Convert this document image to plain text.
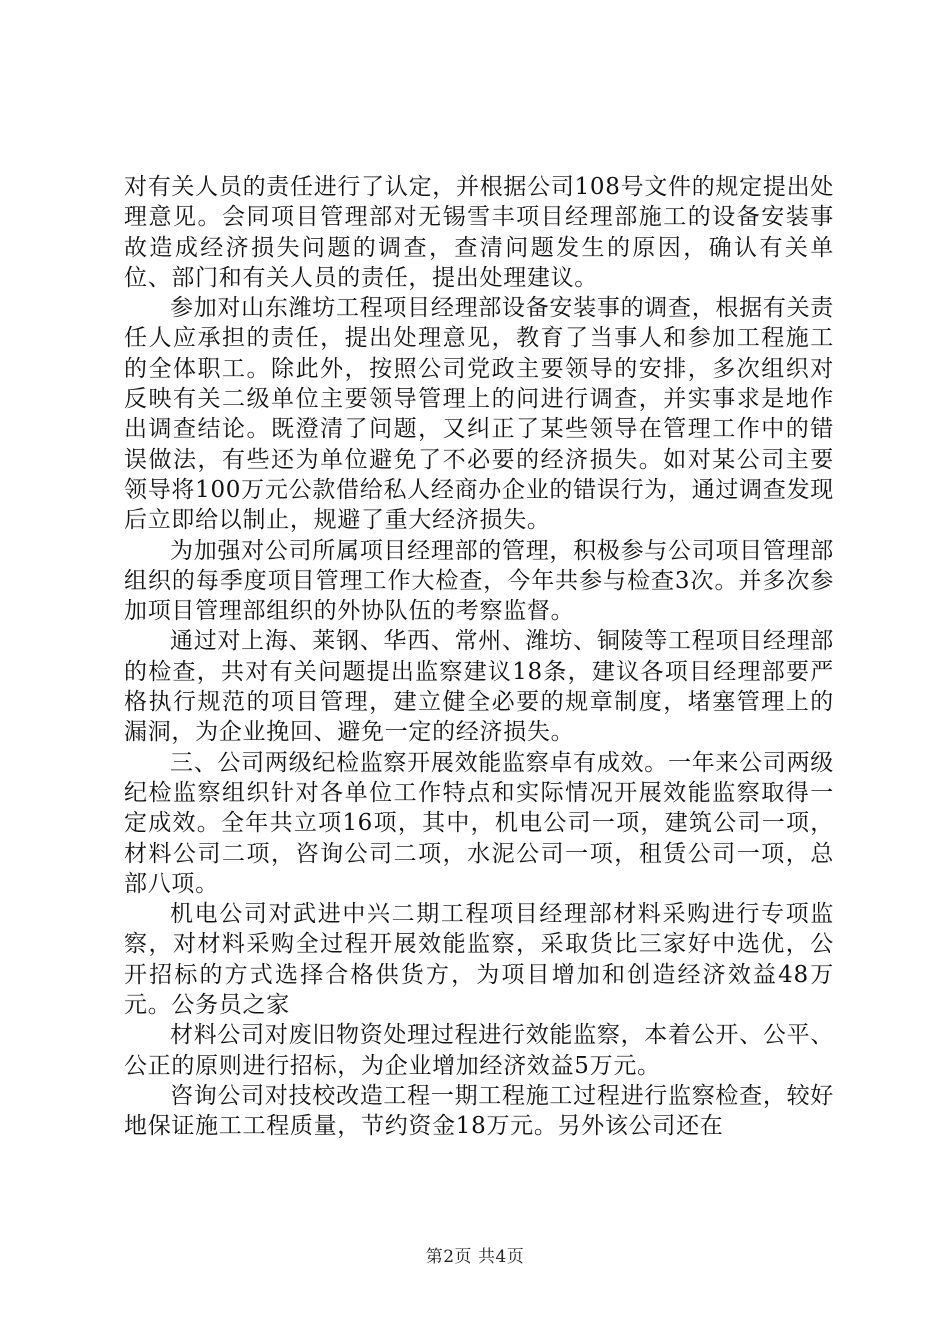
对有关人员的责任进行了认定，并根据公司108号文件的规定提出处理意见。会同项目管理部对无锡雪丰项目经理部施工的设备安装事故造成经济损失问题的调查，查清问题发生的原因，确认有关单位、部门和有关人员的责任，提出处理建议。

参加对山东潍坊工程项目经理部设备安装事的调查，根据有关责任人应承担的责任，提出处理意见，教育了当事人和参加工程施工的全体职工。除此外，按照公司党政主要领导的安排，多次组织对反映有关二级单位主要领导管理上的问进行调查，并实事求是地作出调查结论。既澄清了问题，又纠正了某些领导在管理工作中的错误做法，有些还为单位避免了不必要的经济损失。如对某公司主要领导将100万元公款借给私人经商办企业的错误行为，通过调查发现后立即给以制止，规避了重大经济损失。

为加强对公司所属项目经理部的管理，积极参与公司项目管理部组织的每季度项目管理工作大检查，今年共参与检查3次。并多次参加项目管理部组织的外协队伍的考察监督。

通过对上海、莱钢、华西、常州、潍坊、铜陵等工程项目经理部的检查，共对有关问题提出监察建议18条，建议各项目经理部要严格执行规范的项目管理，建立健全必要的规章制度，堵塞管理上的漏洞，为企业挽回、避免一定的经济损失。

三、公司两级纪检监察开展效能监察卓有成效。一年来公司两级纪检监察组织针对各单位工作特点和实际情况开展效能监察取得一定成效。全年共立项16项，其中，机电公司一项，建筑公司一项，材料公司二项，咨询公司二项，水泥公司一项，租赁公司一项，总部八项。

机电公司对武进中兴二期工程项目经理部材料采购进行专项监察，对材料采购全过程开展效能监察，采取货比三家好中选优，公开招标的方式选择合格供货方，为项目增加和创造经济效益48万元。公务员之家

材料公司对废旧物资处理过程进行效能监察，本着公开、公平、公正的原则进行招标，为企业增加经济效益5万元。

咨询公司对技校改造工程一期工程施工过程进行监察检查，较好地保证施工工程质量，节约资金18万元。另外该公司还在

第2页 共4页
